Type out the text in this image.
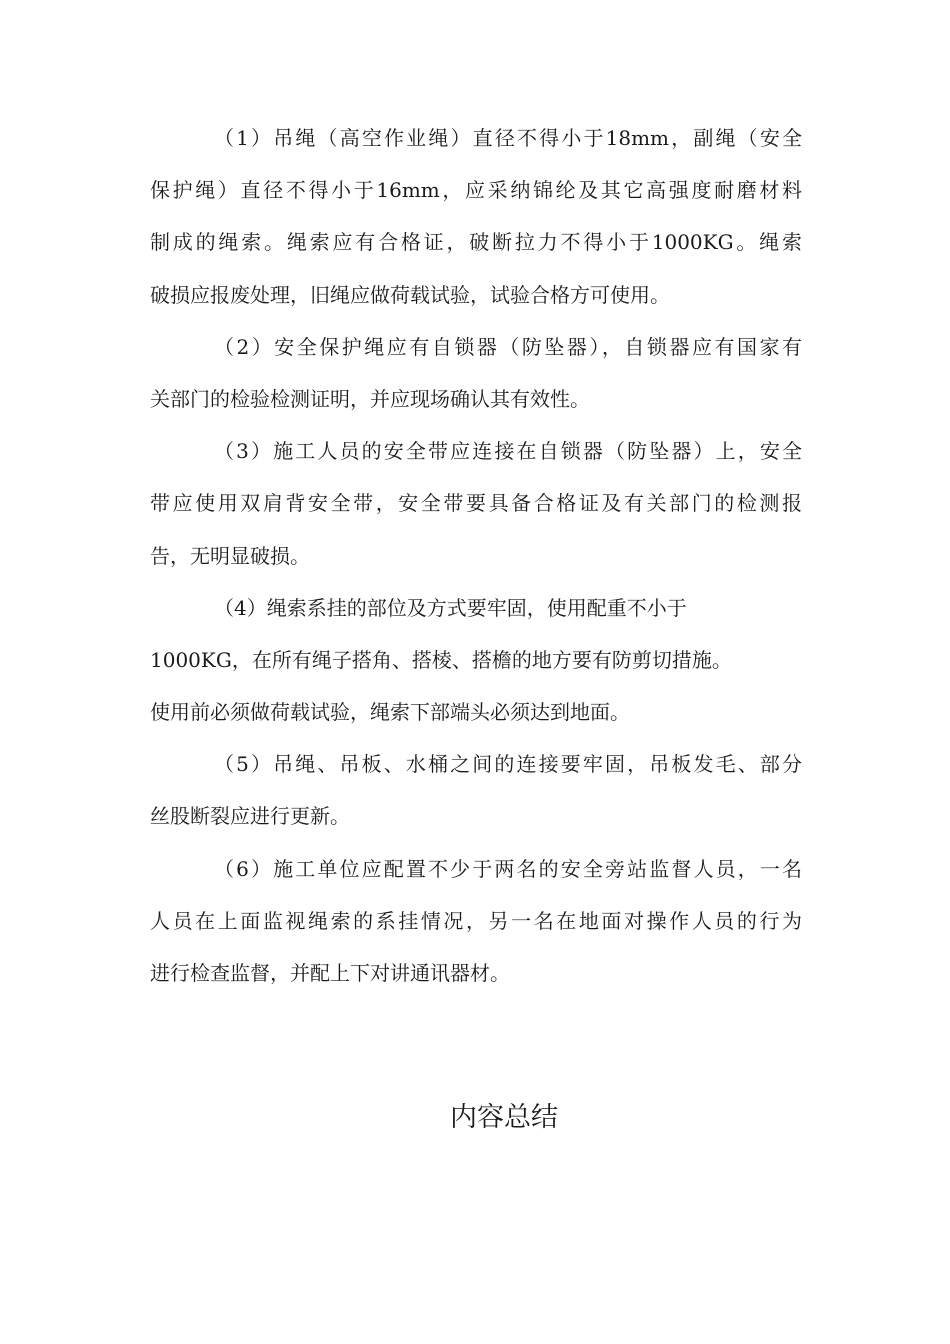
（1）吊绳（高空作业绳）直径不得小于18mm，副绳（安全
保护绳）直径不得小于16mm，应采纳锦纶及其它高强度耐磨材料
制成的绳索。绳索应有合格证，破断拉力不得小于1000KG。绳索
破损应报废处理，旧绳应做荷载试验，试验合格方可使用。
（2）安全保护绳应有自锁器（防坠器），自锁器应有国家有
关部门的检验检测证明，并应现场确认其有效性。
（3）施工人员的安全带应连接在自锁器（防坠器）上，安全
带应使用双肩背安全带，安全带要具备合格证及有关部门的检测报
告，无明显破损。
（4）绳索系挂的部位及方式要牢固，使用配重不小于
1000KG，在所有绳子搭角、搭棱、搭檐的地方要有防剪切措施。
使用前必须做荷载试验，绳索下部端头必须达到地面。
（5）吊绳、吊板、水桶之间的连接要牢固，吊板发毛、部分
丝股断裂应进行更新。
（6）施工单位应配置不少于两名的安全旁站监督人员，一名
人员在上面监视绳索的系挂情况，另一名在地面对操作人员的行为
进行检查监督，并配上下对讲通讯器材。
内容总结
